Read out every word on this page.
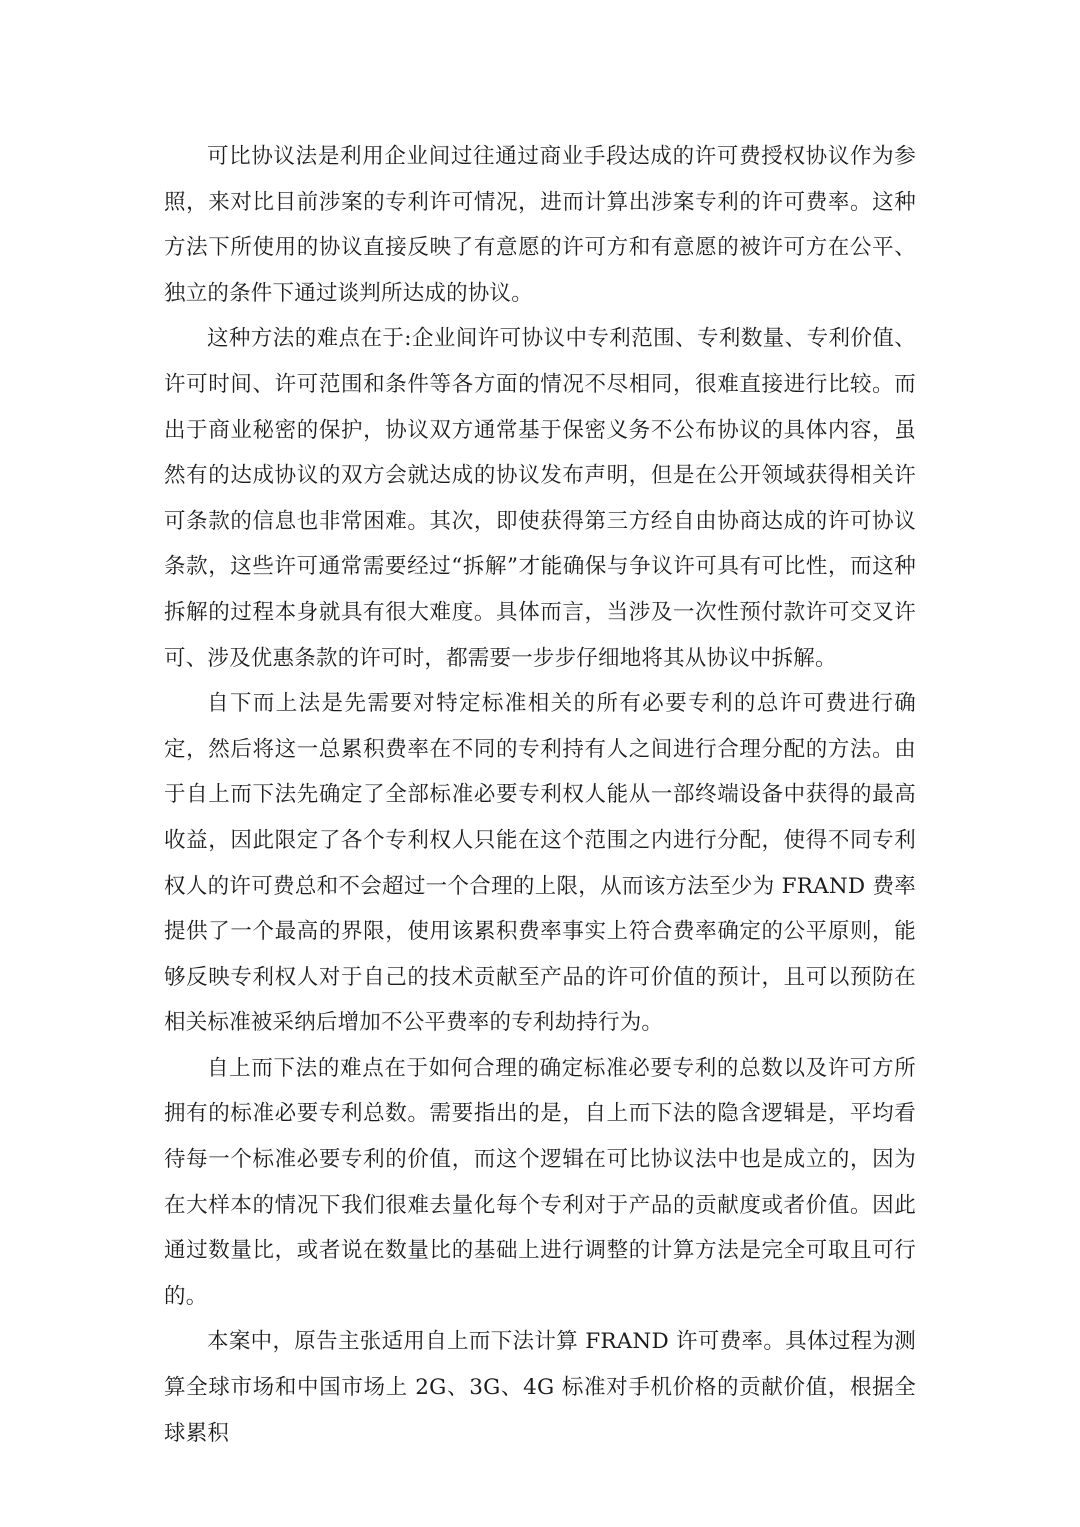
可比协议法是利用企业间过往通过商业手段达成的许可费授权协议作为参照，来对比目前涉案的专利许可情况，进而计算出涉案专利的许可费率。这种方法下所使用的协议直接反映了有意愿的许可方和有意愿的被许可方在公平、独立的条件下通过谈判所达成的协议。

这种方法的难点在于:企业间许可协议中专利范围、专利数量、专利价值、许可时间、许可范围和条件等各方面的情况不尽相同，很难直接进行比较。而出于商业秘密的保护，协议双方通常基于保密义务不公布协议的具体内容，虽然有的达成协议的双方会就达成的协议发布声明，但是在公开领域获得相关许可条款的信息也非常困难。其次，即使获得第三方经自由协商达成的许可协议条款，这些许可通常需要经过“拆解”才能确保与争议许可具有可比性，而这种拆解的过程本身就具有很大难度。具体而言，当涉及一次性预付款许可交叉许可、涉及优惠条款的许可时，都需要一步步仔细地将其从协议中拆解。

自下而上法是先需要对特定标准相关的所有必要专利的总许可费进行确定，然后将这一总累积费率在不同的专利持有人之间进行合理分配的方法。由于自上而下法先确定了全部标准必要专利权人能从一部终端设备中获得的最高收益，因此限定了各个专利权人只能在这个范围之内进行分配，使得不同专利权人的许可费总和不会超过一个合理的上限，从而该方法至少为 FRAND 费率提供了一个最高的界限，使用该累积费率事实上符合费率确定的公平原则，能够反映专利权人对于自己的技术贡献至产品的许可价值的预计，且可以预防在相关标准被采纳后增加不公平费率的专利劫持行为。

自上而下法的难点在于如何合理的确定标准必要专利的总数以及许可方所拥有的标准必要专利总数。需要指出的是，自上而下法的隐含逻辑是，平均看待每一个标准必要专利的价值，而这个逻辑在可比协议法中也是成立的，因为在大样本的情况下我们很难去量化每个专利对于产品的贡献度或者价值。因此通过数量比，或者说在数量比的基础上进行调整的计算方法是完全可取且可行的。

本案中，原告主张适用自上而下法计算 FRAND 许可费率。具体过程为测算全球市场和中国市场上 2G、3G、4G 标准对手机价格的贡献价值，根据全球累积
